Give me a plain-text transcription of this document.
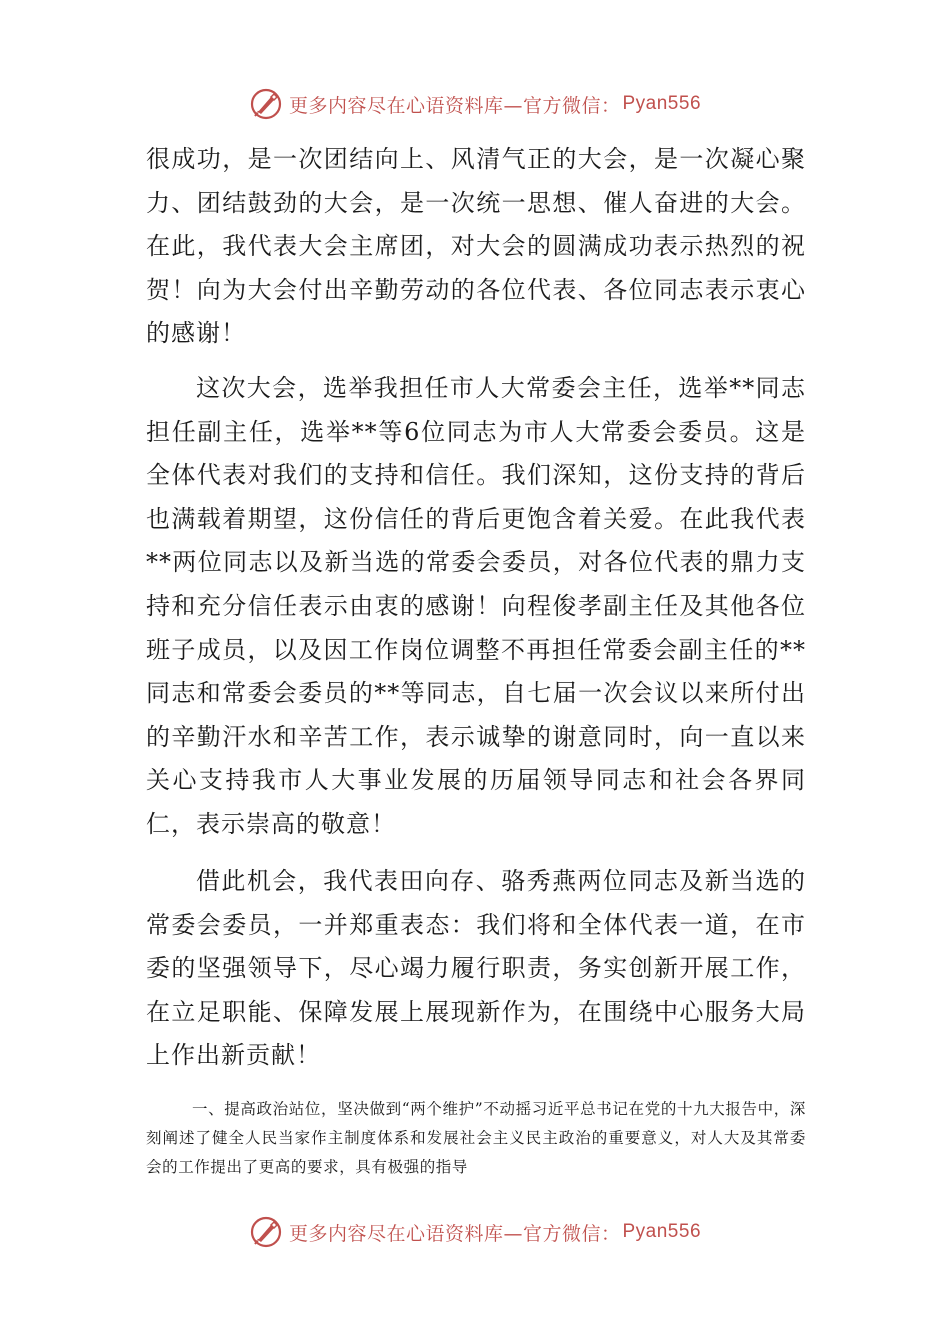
更多内容尽在心语资料库—官方微信： Pyan556

很成功，是一次团结向上、风清气正的大会，是一次凝心聚力、团结鼓劲的大会，是一次统一思想、催人奋进的大会。在此，我代表大会主席团，对大会的圆满成功表示热烈的祝贺！向为大会付出辛勤劳动的各位代表、各位同志表示衷心的感谢！

这次大会，选举我担任市人大常委会主任，选举**同志担任副主任，选举**等6位同志为市人大常委会委员。这是全体代表对我们的支持和信任。我们深知，这份支持的背后也满载着期望，这份信任的背后更饱含着关爱。在此我代表**两位同志以及新当选的常委会委员，对各位代表的鼎力支持和充分信任表示由衷的感谢！向程俊孝副主任及其他各位班子成员，以及因工作岗位调整不再担任常委会副主任的**同志和常委会委员的**等同志，自七届一次会议以来所付出的辛勤汗水和辛苦工作，表示诚挚的谢意同时，向一直以来关心支持我市人大事业发展的历届领导同志和社会各界同仁，表示崇高的敬意！

借此机会，我代表田向存、骆秀燕两位同志及新当选的常委会委员，一并郑重表态：我们将和全体代表一道，在市委的坚强领导下，尽心竭力履行职责，务实创新开展工作，在立足职能、保障发展上展现新作为，在围绕中心服务大局上作出新贡献！

一、提高政治站位，坚决做到“两个维护”不动摇习近平总书记在党的十九大报告中，深刻阐述了健全人民当家作主制度体系和发展社会主义民主政治的重要意义，对人大及其常委会的工作提出了更高的要求，具有极强的指导

更多内容尽在心语资料库—官方微信： Pyan556
